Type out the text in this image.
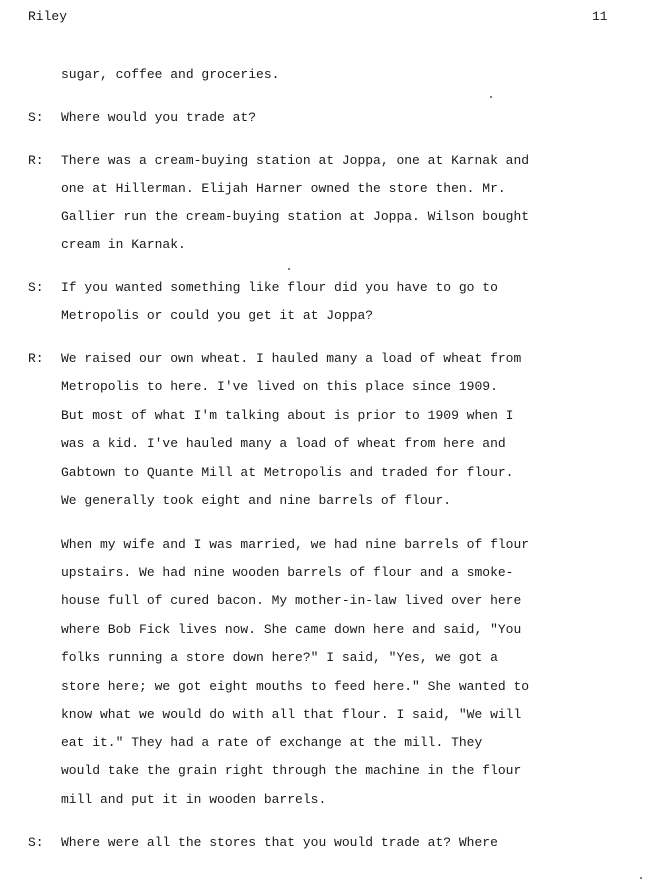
Riley	11
sugar, coffee and groceries.
S: Where would you trade at?
R: There was a cream-buying station at Joppa, one at Karnak and
one at Hillerman. Elijah Harner owned the store then. Mr.
Gallier run the cream-buying station at Joppa. Wilson bought
cream in Karnak.
S: If you wanted something like flour did you have to go to
Metropolis or could you get it at Joppa?
R: We raised our own wheat. I hauled many a load of wheat from
Metropolis to here. I've lived on this place since 1909.
But most of what I'm talking about is prior to 1909 when I
was a kid. I've hauled many a load of wheat from here and
Gabtown to Quante Mill at Metropolis and traded for flour.
We generally took eight and nine barrels of flour.
When my wife and I was married, we had nine barrels of flour
upstairs. We had nine wooden barrels of flour and a smoke-
house full of cured bacon. My mother-in-law lived over here
where Bob Fick lives now. She came down here and said, "You
folks running a store down here?" I said, "Yes, we got a
store here; we got eight mouths to feed here." She wanted to
know what we would do with all that flour. I said, "We will
eat it." They had a rate of exchange at the mill. They
would take the grain right through the machine in the flour
mill and put it in wooden barrels.
S: Where were all the stores that you would trade at? Where
